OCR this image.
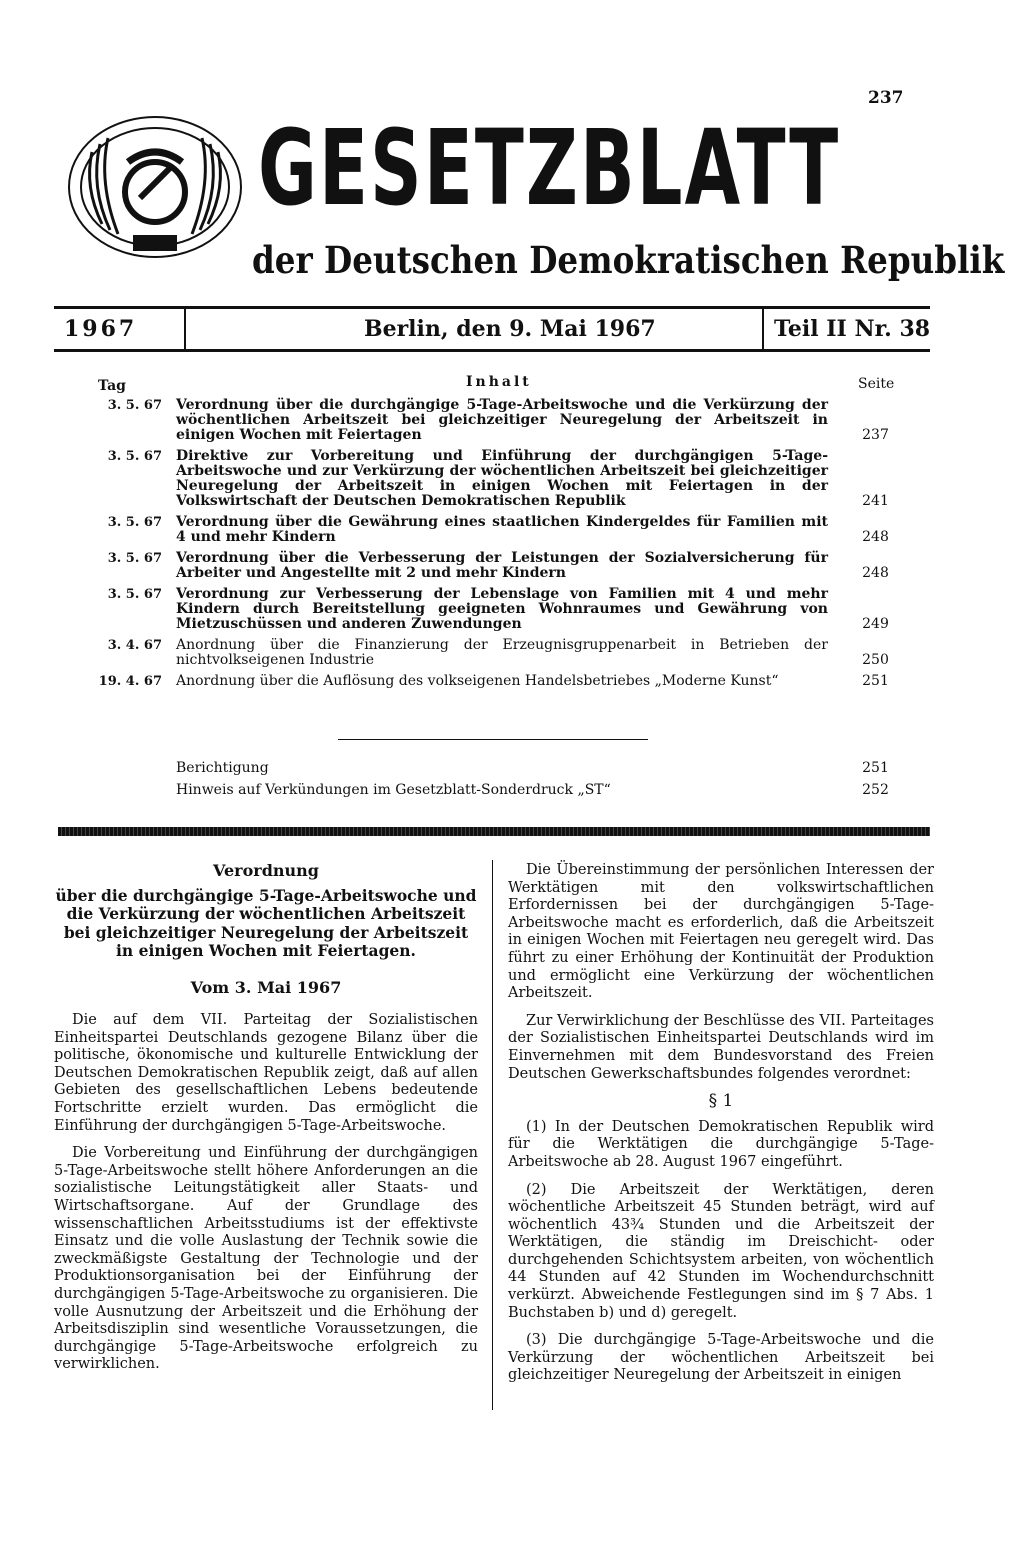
237
GESETZBLATT
der Deutschen Demokratischen Republik
1967	Berlin, den 9. Mai 1967	Teil II Nr. 38
Tag	Inhalt	Seite
3. 5. 67	Verordnung über die durchgängige 5-Tage-Arbeitswoche und die Verkürzung der wöchentlichen Arbeitszeit bei gleichzeitiger Neuregelung der Arbeitszeit in einigen Wochen mit Feiertagen	237
3. 5. 67	Direktive zur Vorbereitung und Einführung der durchgängigen 5-Tage-Arbeitswoche und zur Verkürzung der wöchentlichen Arbeitszeit bei gleichzeitiger Neuregelung der Arbeitszeit in einigen Wochen mit Feiertagen in der Volkswirtschaft der Deutschen Demokratischen Republik	241
3. 5. 67	Verordnung über die Gewährung eines staatlichen Kindergeldes für Familien mit 4 und mehr Kindern	248
3. 5. 67	Verordnung über die Verbesserung der Leistungen der Sozialversicherung für Arbeiter und Angestellte mit 2 und mehr Kindern	248
3. 5. 67	Verordnung zur Verbesserung der Lebenslage von Familien mit 4 und mehr Kindern durch Bereitstellung geeigneten Wohnraumes und Gewährung von Mietzuschüssen und anderen Zuwendungen	249
3. 4. 67	Anordnung über die Finanzierung der Erzeugnisgruppenarbeit in Betrieben der nichtvolkseigenen Industrie	250
19. 4. 67	Anordnung über die Auflösung des volkseigenen Handelsbetriebes „Moderne Kunst“	251
Berichtigung	251
Hinweis auf Verkündungen im Gesetzblatt-Sonderdruck „ST“	252
Verordnung
über die durchgängige 5-Tage-Arbeitswoche und die Verkürzung der wöchentlichen Arbeitszeit bei gleichzeitiger Neuregelung der Arbeitszeit in einigen Wochen mit Feiertagen.
Vom 3. Mai 1967

Die auf dem VII. Parteitag der Sozialistischen Einheitspartei Deutschlands gezogene Bilanz über die politische, ökonomische und kulturelle Entwicklung der Deutschen Demokratischen Republik zeigt, daß auf allen Gebieten des gesellschaftlichen Lebens bedeutende Fortschritte erzielt wurden. Das ermöglicht die Einführung der durchgängigen 5-Tage-Arbeitswoche.

Die Vorbereitung und Einführung der durchgängigen 5-Tage-Arbeitswoche stellt höhere Anforderungen an die sozialistische Leitungstätigkeit aller Staats- und Wirtschaftsorgane. Auf der Grundlage des wissenschaftlichen Arbeitsstudiums ist der effektivste Einsatz und die volle Auslastung der Technik sowie die zweckmäßigste Gestaltung der Technologie und der Produktionsorganisation bei der Einführung der durchgängigen 5-Tage-Arbeitswoche zu organisieren. Die volle Ausnutzung der Arbeitszeit und die Erhöhung der Arbeitsdisziplin sind wesentliche Voraussetzungen, die durchgängige 5-Tage-Arbeitswoche erfolgreich zu verwirklichen.

Die Übereinstimmung der persönlichen Interessen der Werktätigen mit den volkswirtschaftlichen Erfordernissen bei der durchgängigen 5-Tage-Arbeitswoche macht es erforderlich, daß die Arbeitszeit in einigen Wochen mit Feiertagen neu geregelt wird. Das führt zu einer Erhöhung der Kontinuität der Produktion und ermöglicht eine Verkürzung der wöchentlichen Arbeitszeit.

Zur Verwirklichung der Beschlüsse des VII. Parteitages der Sozialistischen Einheitspartei Deutschlands wird im Einvernehmen mit dem Bundesvorstand des Freien Deutschen Gewerkschaftsbundes folgendes verordnet:

§ 1

(1) In der Deutschen Demokratischen Republik wird für die Werktätigen die durchgängige 5-Tage-Arbeitswoche ab 28. August 1967 eingeführt.

(2) Die Arbeitszeit der Werktätigen, deren wöchentliche Arbeitszeit 45 Stunden beträgt, wird auf wöchentlich 43¾ Stunden und die Arbeitszeit der Werktätigen, die ständig im Dreischicht- oder durchgehenden Schichtsystem arbeiten, von wöchentlich 44 Stunden auf 42 Stunden im Wochendurchschnitt verkürzt. Abweichende Festlegungen sind im § 7 Abs. 1 Buchstaben b) und d) geregelt.

(3) Die durchgängige 5-Tage-Arbeitswoche und die Verkürzung der wöchentlichen Arbeitszeit bei gleichzeitiger Neuregelung der Arbeitszeit in einigen
